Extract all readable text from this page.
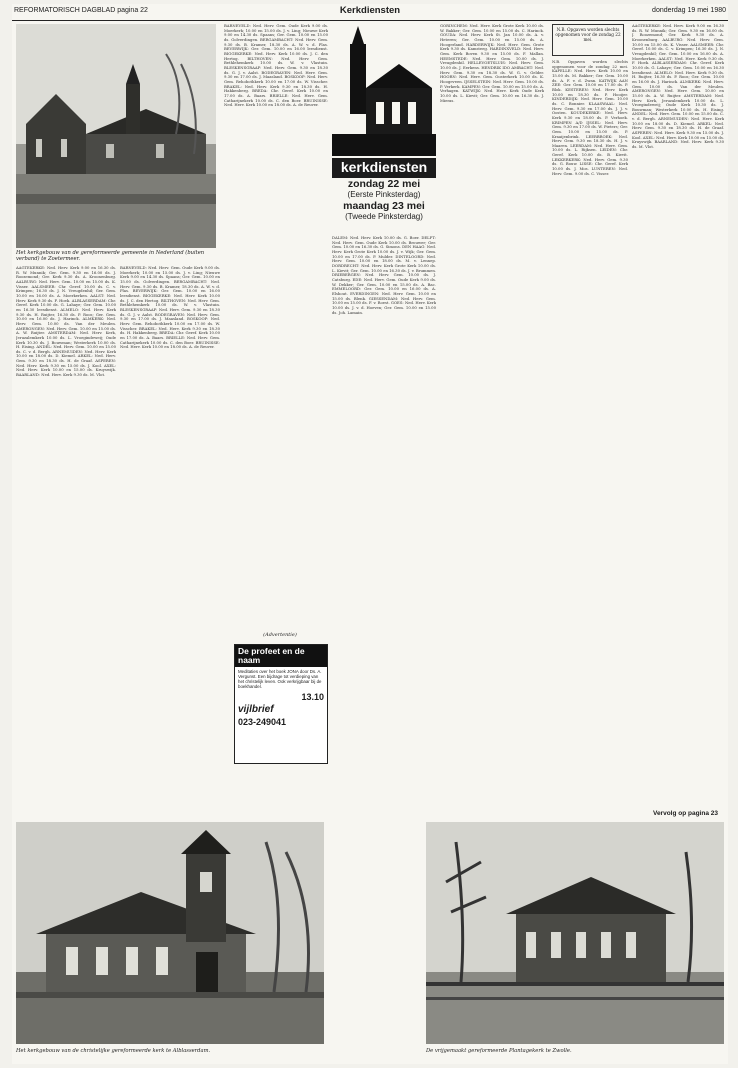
REFORMATORISCH DAGBLAD pagina 22	Kerkdiensten	donderdag 19 mei 1980
Het kerkgebouw van de gereformeerde gemeente in Nederland (buiten verband) te Zoetermeer.

AAGTEKERKE: Ned. Herv. Kerk 9.00 en 16.30 ds. R. W. Munnik; Ger. Gem. 9.30 en 16.00 ds. J. Roozemond; Ger. Kerk 9.30 ds. A. Kroonenburg. AALBURG: Ned. Herv. Gem. 10.00 en 15.00 ds. K. Visser. AALSMEER: Chr. Geref. 10.00 ds. C. v. Krimpen; 16.30 ds. J. N. Vreugdenhil; Ger. Gem. 10.00 en 16.00 ds. A. Moerkerken. AALST: Ned. Herv. Kerk 9.30 ds. F. Hoek. ALBLASSERDAM: Chr. Geref. Kerk 10.00 ds. G. Lahaye; Ger. Gem. 10.00 en 16.30 leesdienst. ALMELO: Ned. Herv. Kerk 9.30 ds. H. Ruijter, 16.30 ds. P. Roos; Ger. Gem. 10.00 en 16.00 ds. J. Harinck. ALMKERK: Ned. Herv. Gem. 10.00 ds. Van der Meulen. AMERONGEN: Ned. Herv. Gem. 10.00 en 15.00 ds. A. W. Ruijter. AMSTERDAM: Ned. Herv. Kerk, Jeruzalemkerk 10.00 ds. L. Vroegindeweij; Oude Kerk 10.30 ds. J. Bouwman; Westerkerk 10.00 ds. H. Eising. ANDEL: Ned. Herv. Gem. 10.00 en 15.00 ds. C. v. d. Bergh. ARNEMUIDEN: Ned. Herv. Kerk 10.00 en 18.00 ds. D. Kiemel. ARKEL: Ned. Herv. Gem. 9.30 en 18.30 ds. H. de Graaf. ASPEREN: Ned. Herv. Kerk 9.30 en 15.00 ds. J. Kool. AXEL: Ned. Herv. Kerk 10.00 en 15.00 ds. Kruyswijk. BAARLAND: Ned. Herv. Kerk 9.30 ds. M. Vlot.

BARNEVELD: Ned. Herv. Gem. Oude Kerk 9.00 ds. Moerkerk; 10.00 en 15.00 ds. J. v. Ling; Nieuwe Kerk 9.00 en 14.30 ds. Spaans; Ger. Gem. 10.00 en 15.00 ds. Golverdingen. BERGAMBACHT: Ned. Herv. Gem. 9.30 ds. B. Kramer, 18.30 ds. A. W. v. d. Plas. BEVERWIJK: Ger. Gem. 10.00 en 16.00 leesdienst. BIGGEKERKE: Ned. Herv. Kerk 10.00 ds. J. C. den Hertog. BILTHOVEN: Ned. Herv. Gem. Bethlehemkerk 10.00 ds. W. v. Vlastuin. BLESKENSGRAAF: Ned. Herv. Gem. 9.30 en 18.30 ds. G. J. v. Aalst. BODEGRAVEN: Ned. Herv. Gem. 9.30 en 17.00 ds. J. Maasland. BOSKOOP: Ned. Herv. Gem. Rehobothkerk 10.00 en 17.00 ds. W. Visscher. BRAKEL: Ned. Herv. Kerk 9.30 en 18.30 ds. H. Hakkenberg. BREDA: Chr. Geref. Kerk 10.00 en 17.00 ds. A. Baars. BRIELLE: Ned. Herv. Gem. Catharijnekerk 10.00 ds. C. den Boer. BRUINISSE: Ned. Herv. Kerk 10.00 en 18.00 ds. A. de Reuver.

BARNEVELD: Ned. Herv. Gem. Oude Kerk 9.00 ds. Moerkerk; 10.00 en 15.00 ds. J. v. Ling; Nieuwe Kerk 9.00 en 14.30 ds. Spaans; Ger. Gem. 10.00 en 15.00 ds. Golverdingen. BERGAMBACHT: Ned. Herv. Gem. 9.30 ds. B. Kramer, 18.30 ds. A. W. v. d. Plas. BEVERWIJK: Ger. Gem. 10.00 en 16.00 leesdienst. BIGGEKERKE: Ned. Herv. Kerk 10.00 ds. J. C. den Hertog. BILTHOVEN: Ned. Herv. Gem. Bethlehemkerk 10.00 ds. W. v. Vlastuin. BLESKENSGRAAF: Ned. Herv. Gem. 9.30 en 18.30 ds. G. J. v. Aalst. BODEGRAVEN: Ned. Herv. Gem. 9.30 en 17.00 ds. J. Maasland. BOSKOOP: Ned. Herv. Gem. Rehobothkerk 10.00 en 17.00 ds. W. Visscher. BRAKEL: Ned. Herv. Kerk 9.30 en 18.30 ds. H. Hakkenberg. BREDA: Chr. Geref. Kerk 10.00 en 17.00 ds. A. Baars. BRIELLE: Ned. Herv. Gem. Catharijnekerk 10.00 ds. C. den Boer. BRUINISSE: Ned. Herv. Kerk 10.00 en 18.00 ds. A. de Reuver.

DALEM: Ned. Herv. Kerk 10.00 ds. G. Boer. DELFT: Ned. Herv. Gem. Oude Kerk 10.00 ds. Brouwer; Ger. Gem. 10.00 en 16.30 ds. G. Simons. DEN HAAG: Ned. Herv. Kerk Grote Kerk 10.00 ds. J. v. Wijk; Ger. Gem. 10.00 en 17.00 ds. P. Mulder. DINTELOORD: Ned. Herv. Gem. 10.00 en 18.00 ds. M. v. Lennep. DORDRECHT: Ned. Herv. Kerk Grote Kerk 10.00 ds. L. Kievit; Ger. Gem. 10.00 en 16.30 ds. J. v. Brummen. DRIEBERGEN: Ned. Herv. Gem. 10.00 ds. J. Catsburg. EDE: Ned. Herv. Gem. Oude Kerk 9.00 ds. W. Dekker; Ger. Gem. 10.00 en 15.00 ds. A. Bac. EMMELOORD: Ger. Gem. 10.00 en 16.00 ds. A. Elshout. EVERDINGEN: Ned. Herv. Gem. 10.00 en 15.00 ds. Blenk. GIESSENDAM: Ned. Herv. Gem. 10.00 en 15.00 ds. F. v. Roest. GOES: Ned. Herv. Kerk 10.00 ds. J. v. d. Hoeven; Ger. Gem. 10.00 en 15.00 ds. Joh. Lamain.

GORINCHEM: Ned. Herv. Kerk Grote Kerk 10.00 ds. W. Bakker; Ger. Gem. 10.00 en 15.00 ds. C. Harinck. GOUDA: Ned. Herv. Kerk St. Jan 10.00 ds. A. v. Heteren; Ger. Gem. 10.00 en 15.00 ds. A. Hoogerland. HARDERWIJK: Ned. Herv. Gem. Grote Kerk 9.30 ds. Kamsteeg. HARDINXVELD: Ned. Herv. Gem. Kerk Boven 9.30 en 15.00 ds. F. Mallan. HEEMSTEDE: Ned. Herv. Gem. 10.00 ds. J. Vreugdenhil. HELLEVOETSLUIS: Ned. Herv. Gem. 10.00 ds. J. Eerkens. HENDRIK IDO AMBACHT: Ned. Herv. Gem. 9.30 en 18.30 ds. W. G. v. Gelder. HOORN: Ned. Herv. Gem. Oosterkerk 10.00 ds. K. Hoogeveen. IJSSELSTEIN: Ned. Herv. Gem. 10.00 ds. P. Verkerk. KAMPEN: Ger. Gem. 10.00 en 15.00 ds. A. Verhagen. KATWIJK: Ned. Herv. Kerk Oude Kerk 10.00 ds. L. Kievit; Ger. Gem. 10.00 en 16.30 ds. J. Mieras.

N.B. Opgaven worden slechts opgenomen voor de zondag 22 mei. KAPELLE: Ned. Herv. Kerk 10.00 en 15.00 ds. M. Bakker; Ger. Gem. 10.00 ds. A. F. v. d. Zwan. KATWIJK AAN ZEE: Ger. Gem. 10.00 en 17.00 ds. P. Blok. KESTEREN: Ned. Herv. Kerk 10.00 en 18.30 ds. P. Hooijer. KINDERDIJK: Ned. Herv. Gem. 10.00 ds. C. Bonnier. KLAASWAAL: Ned. Herv. Gem. 9.30 en 17.00 ds. J. J. v. Oosten. KOUDEKERKE: Ned. Herv. Kerk 9.30 en 18.00 ds. P. Verhoek. KRIMPEN A/D IJSSEL: Ned. Herv. Gem. 9.30 en 17.00 ds. W. Pieters; Ger. Gem. 10.00 en 15.00 ds. P. Kraaijenbrink. LEERBROEK: Ned. Herv. Gem. 9.30 en 18.30 ds. H. J. v. Maaren. LEERDAM: Ned. Herv. Gem. 10.00 ds. L. Rijksen. LEIDEN: Chr. Geref. Kerk 10.00 ds. B. Kievit. LEKKERKERK: Ned. Herv. Gem. 9.30 ds. G. Bouw. LISSE: Chr. Geref. Kerk 10.00 ds. J. Mos. LUNTEREN: Ned. Herv. Gem. 9.00 ds. C. Visser.

AAGTEKERKE: Ned. Herv. Kerk 9.00 en 16.30 ds. R. W. Munnik; Ger. Gem. 9.30 en 16.00 ds. J. Roozemond; Ger. Kerk 9.30 ds. A. Kroonenburg. AALBURG: Ned. Herv. Gem. 10.00 en 15.00 ds. K. Visser. AALSMEER: Chr. Geref. 10.00 ds. C. v. Krimpen; 16.30 ds. J. N. Vreugdenhil; Ger. Gem. 10.00 en 16.00 ds. A. Moerkerken. AALST: Ned. Herv. Kerk 9.30 ds. F. Hoek. ALBLASSERDAM: Chr. Geref. Kerk 10.00 ds. G. Lahaye; Ger. Gem. 10.00 en 16.30 leesdienst. ALMELO: Ned. Herv. Kerk 9.30 ds. H. Ruijter, 16.30 ds. P. Roos; Ger. Gem. 10.00 en 16.00 ds. J. Harinck. ALMKERK: Ned. Herv. Gem. 10.00 ds. Van der Meulen. AMERONGEN: Ned. Herv. Gem. 10.00 en 15.00 ds. A. W. Ruijter. AMSTERDAM: Ned. Herv. Kerk, Jeruzalemkerk 10.00 ds. L. Vroegindeweij; Oude Kerk 10.30 ds. J. Bouwman; Westerkerk 10.00 ds. H. Eising. ANDEL: Ned. Herv. Gem. 10.00 en 15.00 ds. C. v. d. Bergh. ARNEMUIDEN: Ned. Herv. Kerk 10.00 en 18.00 ds. D. Kiemel. ARKEL: Ned. Herv. Gem. 9.30 en 18.30 ds. H. de Graaf. ASPEREN: Ned. Herv. Kerk 9.30 en 15.00 ds. J. Kool. AXEL: Ned. Herv. Kerk 10.00 en 15.00 ds. Kruyswijk. BAARLAND: Ned. Herv. Kerk 9.30 ds. M. Vlot.

N.B. Opgaven worden slechts opgenomen voor de zondag 22 mei.
kerkdiensten
zondag 22 mei
(Eerste Pinksterdag)
maandag 23 mei
(Tweede Pinksterdag)
(Advertentie)
De profeet en de naam
Meditaties over het boek JONA door Ds. A. Vergunst. Een bijdrage tot verdieping van het christelijk leven. Ook verkrijgbaar bij de boekhandel.
13.10
vijlbrief
023-249041
Vervolg op pagina 23
Het kerkgebouw van de christelijke gereformeerde kerk te Alblasserdam.	De vrijgemaakt gereformeerde Plantagekerk te Zwolle.
